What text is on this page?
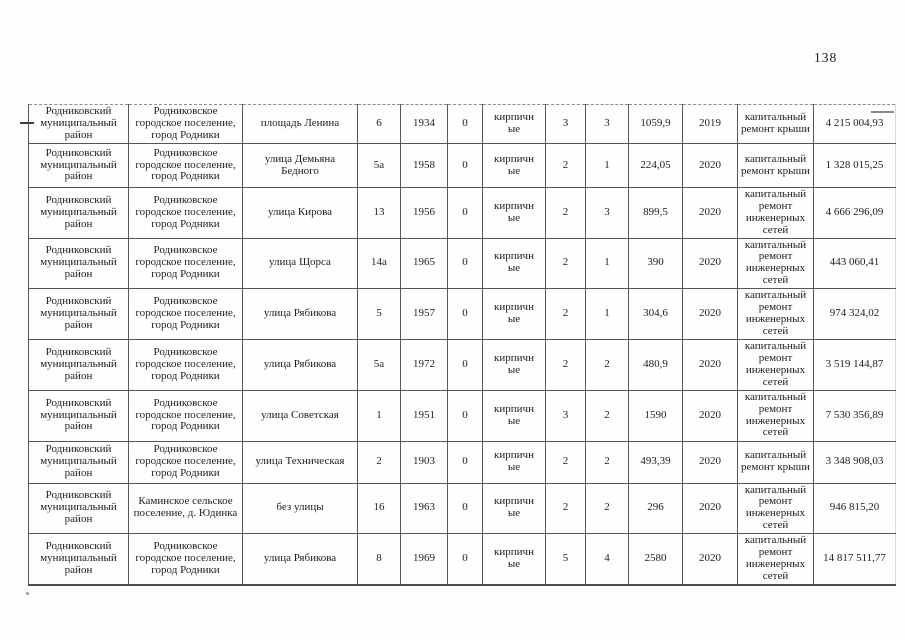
138
Родниковский муниципальный район	Родниковское городское поселение, город Родники	площадь Ленина	6	1934	0	кирпичные	3	3	1059,9	2019	капитальный ремонт крыши	4 215 004,93
Родниковский муниципальный район	Родниковское городское поселение, город Родники	улица Демьяна Бедного	5а	1958	0	кирпичные	2	1	224,05	2020	капитальный ремонт крыши	1 328 015,25
Родниковский муниципальный район	Родниковское городское поселение, город Родники	улица Кирова	13	1956	0	кирпичные	2	3	899,5	2020	капитальный ремонт инженерных сетей	4 666 296,09
Родниковский муниципальный район	Родниковское городское поселение, город Родники	улица Щорса	14а	1965	0	кирпичные	2	1	390	2020	капитальный ремонт инженерных сетей	443 060,41
Родниковский муниципальный район	Родниковское городское поселение, город Родники	улица Рябикова	5	1957	0	кирпичные	2	1	304,6	2020	капитальный ремонт инженерных сетей	974 324,02
Родниковский муниципальный район	Родниковское городское поселение, город Родники	улица Рябикова	5а	1972	0	кирпичные	2	2	480,9	2020	капитальный ремонт инженерных сетей	3 519 144,87
Родниковский муниципальный район	Родниковское городское поселение, город Родники	улица Советская	1	1951	0	кирпичные	3	2	1590	2020	капитальный ремонт инженерных сетей	7 530 356,89
Родниковский муниципальный район	Родниковское городское поселение, город Родники	улица Техническая	2	1903	0	кирпичные	2	2	493,39	2020	капитальный ремонт крыши	3 348 908,03
Родниковский муниципальный район	Каминское сельское поселение, д. Юдинка	без улицы	16	1963	0	кирпичные	2	2	296	2020	капитальный ремонт инженерных сетей	946 815,20
Родниковский муниципальный район	Родниковское городское поселение, город Родники	улица Рябикова	8	1969	0	кирпичные	5	4	2580	2020	капитальный ремонт инженерных сетей	14 817 511,77
